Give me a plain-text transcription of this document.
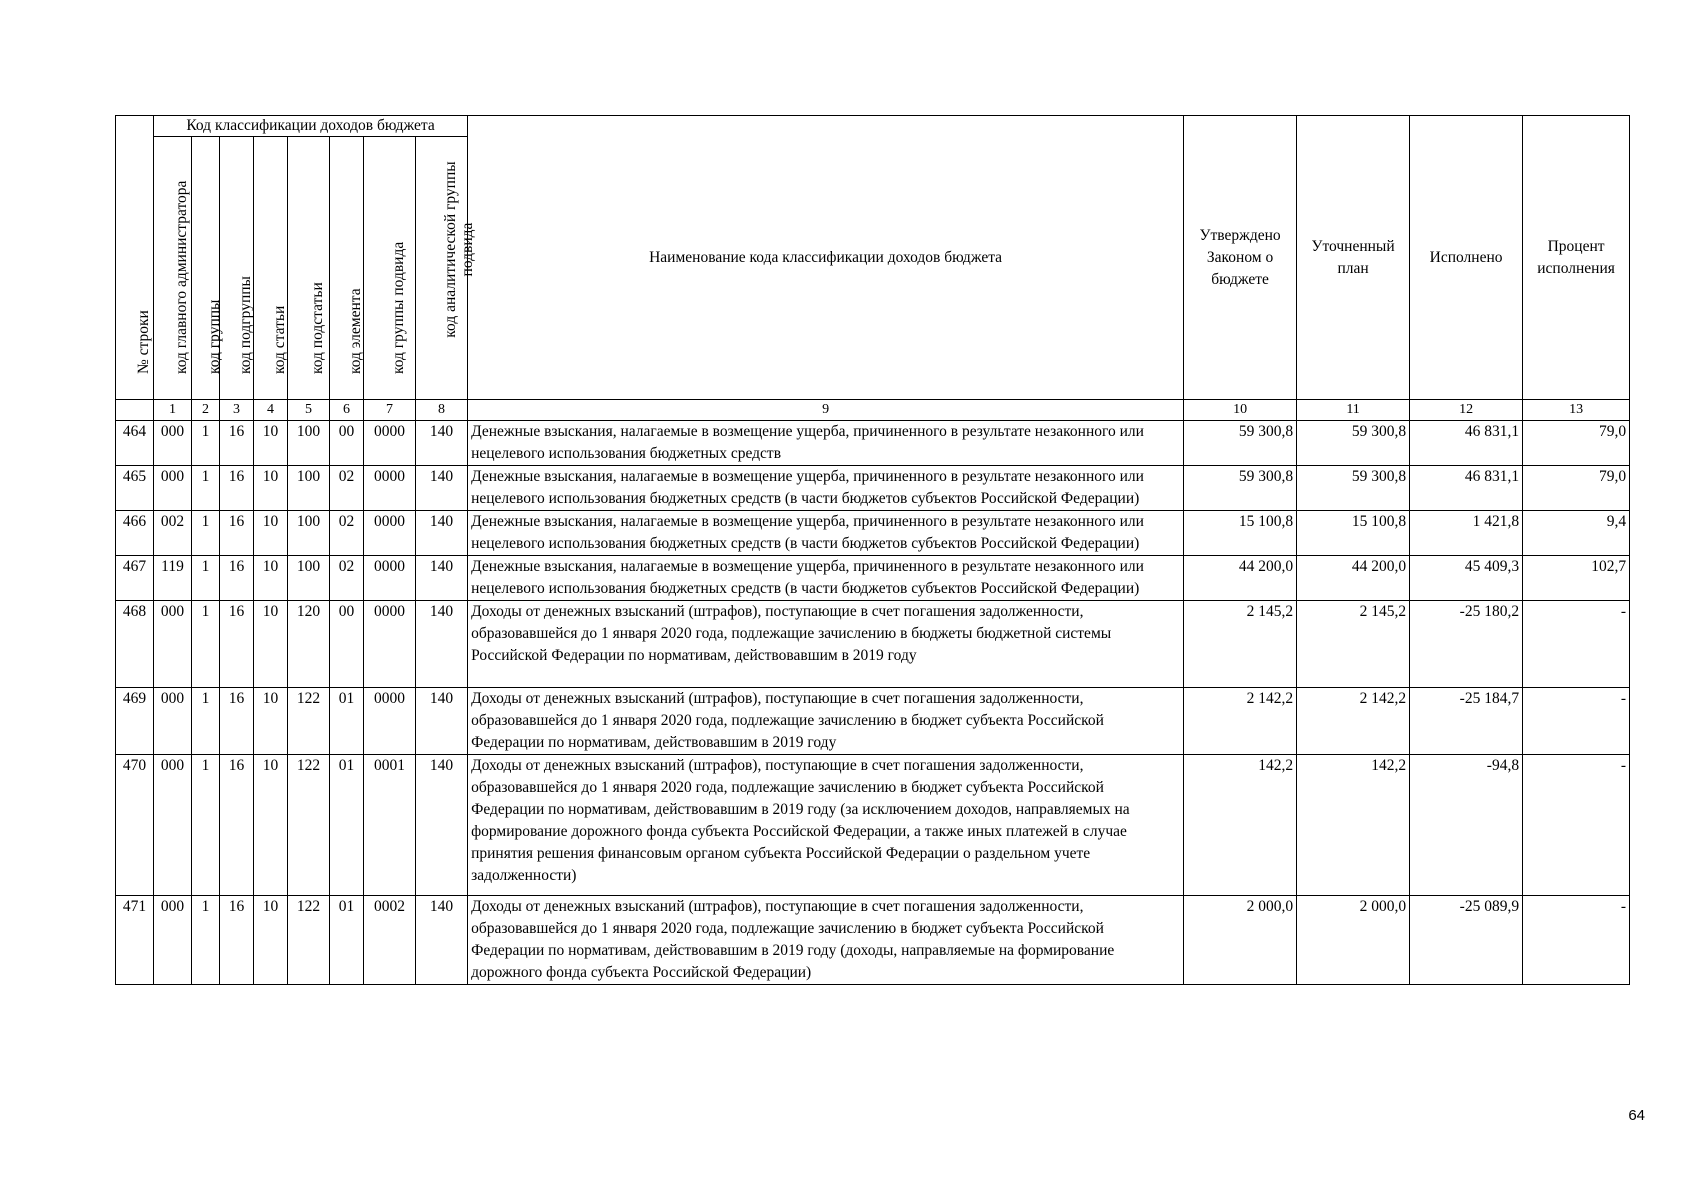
№ строки	Код классификации доходов бюджета								Наименование кода классификации доходов бюджета	Утверждено Законом о бюджете	Уточненный план	Исполнено	Процент исполнения

	код главного администратора	код группы	код подгруппы	код статьи	код подстатьи	код элемента	код группы подвида	код аналитической группы подвида					

	1	2	3	4	5	6	7	8	9	10	11	12	13
464	000	1	16	10	100	00	0000	140	Денежные взыскания, налагаемые в возмещение ущерба, причиненного в результате незаконного или нецелевого использования бюджетных средств	59 300,8	59 300,8	46 831,1	79,0
465	000	1	16	10	100	02	0000	140	Денежные взыскания, налагаемые в возмещение ущерба, причиненного в результате незаконного или нецелевого использования бюджетных средств (в части бюджетов субъектов Российской Федерации)	59 300,8	59 300,8	46 831,1	79,0
466	002	1	16	10	100	02	0000	140	Денежные взыскания, налагаемые в возмещение ущерба, причиненного в результате незаконного или нецелевого использования бюджетных средств (в части бюджетов субъектов Российской Федерации)	15 100,8	15 100,8	1 421,8	9,4
467	119	1	16	10	100	02	0000	140	Денежные взыскания, налагаемые в возмещение ущерба, причиненного в результате незаконного или нецелевого использования бюджетных средств (в части бюджетов субъектов Российской Федерации)	44 200,0	44 200,0	45 409,3	102,7
468	000	1	16	10	120	00	0000	140	Доходы от денежных взысканий (штрафов), поступающие в счет погашения задолженности, образовавшейся до 1 января 2020 года, подлежащие зачислению в бюджеты бюджетной системы Российской Федерации по нормативам, действовавшим в 2019 году	2 145,2	2 145,2	-25 180,2	-
469	000	1	16	10	122	01	0000	140	Доходы от денежных взысканий (штрафов), поступающие в счет погашения задолженности, образовавшейся до 1 января 2020 года, подлежащие зачислению в бюджет субъекта Российской Федерации по нормативам, действовавшим в 2019 году	2 142,2	2 142,2	-25 184,7	-
470	000	1	16	10	122	01	0001	140	Доходы от денежных взысканий (штрафов), поступающие в счет погашения задолженности, образовавшейся до 1 января 2020 года, подлежащие зачислению в бюджет субъекта Российской Федерации по нормативам, действовавшим в 2019 году (за исключением доходов, направляемых на формирование дорожного фонда субъекта Российской Федерации, а также иных платежей в случае принятия решения финансовым органом субъекта Российской Федерации о раздельном учете задолженности)	142,2	142,2	-94,8	-
471	000	1	16	10	122	01	0002	140	Доходы от денежных взысканий (штрафов), поступающие в счет погашения задолженности, образовавшейся до 1 января 2020 года, подлежащие зачислению в бюджет субъекта Российской Федерации по нормативам, действовавшим в 2019 году (доходы, направляемые на формирование дорожного фонда субъекта Российской Федерации)	2 000,0	2 000,0	-25 089,9	-
64
